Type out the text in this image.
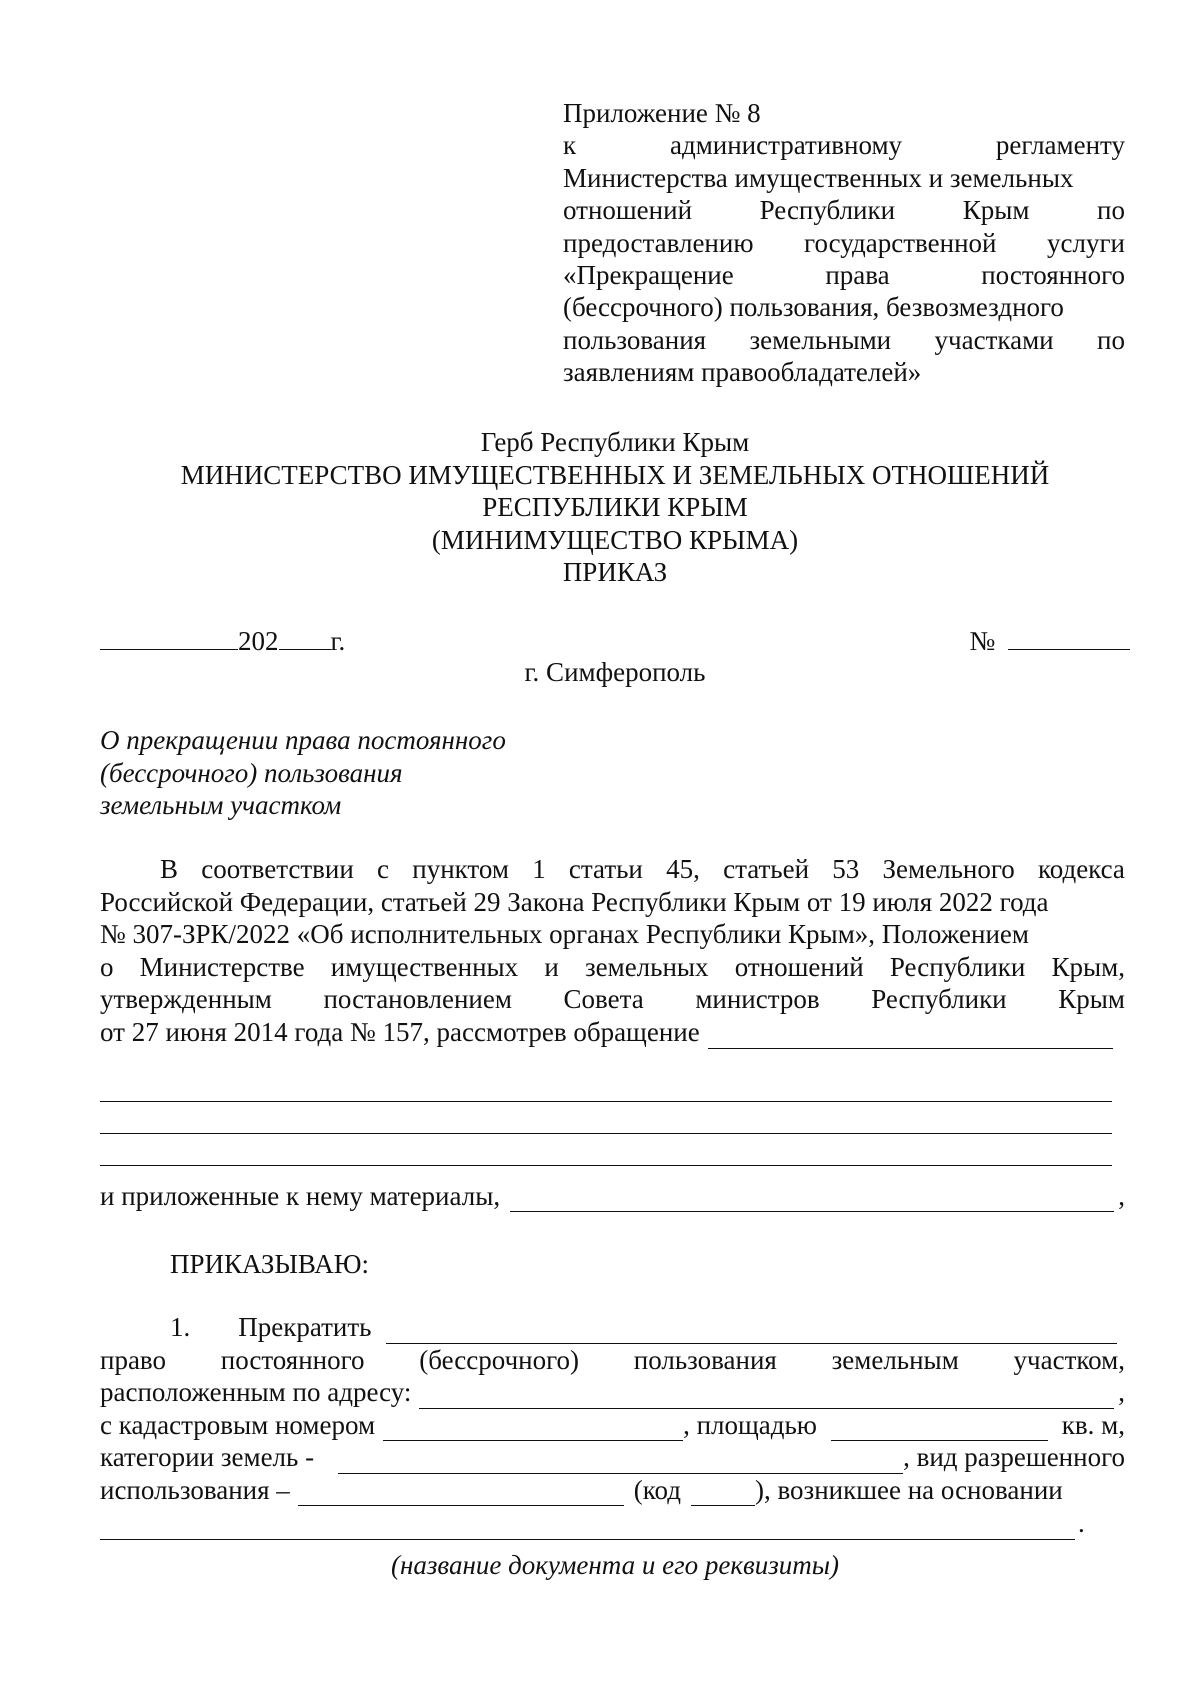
Приложение № 8
к	административному	регламенту
Министерства имущественных и земельных
отношений	Республики	Крым	по
предоставлению государственной услуги
«Прекращение	права	постоянного
(бессрочного) пользования, безвозмездного
пользования земельными участками по
заявлениям правообладателей»
Герб Республики Крым
МИНИСТЕРСТВО ИМУЩЕСТВЕННЫХ И ЗЕМЕЛЬНЫХ ОТНОШЕНИЙ
РЕСПУБЛИКИ КРЫМ
(МИНИМУЩЕСТВО КРЫМА)
ПРИКАЗ
202 г.	№
г. Симферополь
О прекращении права постоянного
(бессрочного) пользования
земельным участком
В соответствии с пунктом 1 статьи 45, статьей 53 Земельного кодекса
Российской Федерации, статьей 29 Закона Республики Крым от 19 июля 2022 года
№ 307-ЗРК/2022 «Об исполнительных органах Республики Крым», Положением
о Министерстве имущественных и земельных отношений Республики Крым,
утвержденным постановлением Совета министров Республики Крым
от 27 июня 2014 года № 157, рассмотрев обращение
и приложенные к нему материалы,	,
ПРИКАЗЫВАЮ:
1. Прекратить
право постоянного (бессрочного) пользования земельным участком,
расположенным по адресу:	,
с кадастровым номером	, площадью	кв. м,
категории земель -	, вид разрешенного
использования –	(код	), возникшее на основании
.
(название документа и его реквизиты)
